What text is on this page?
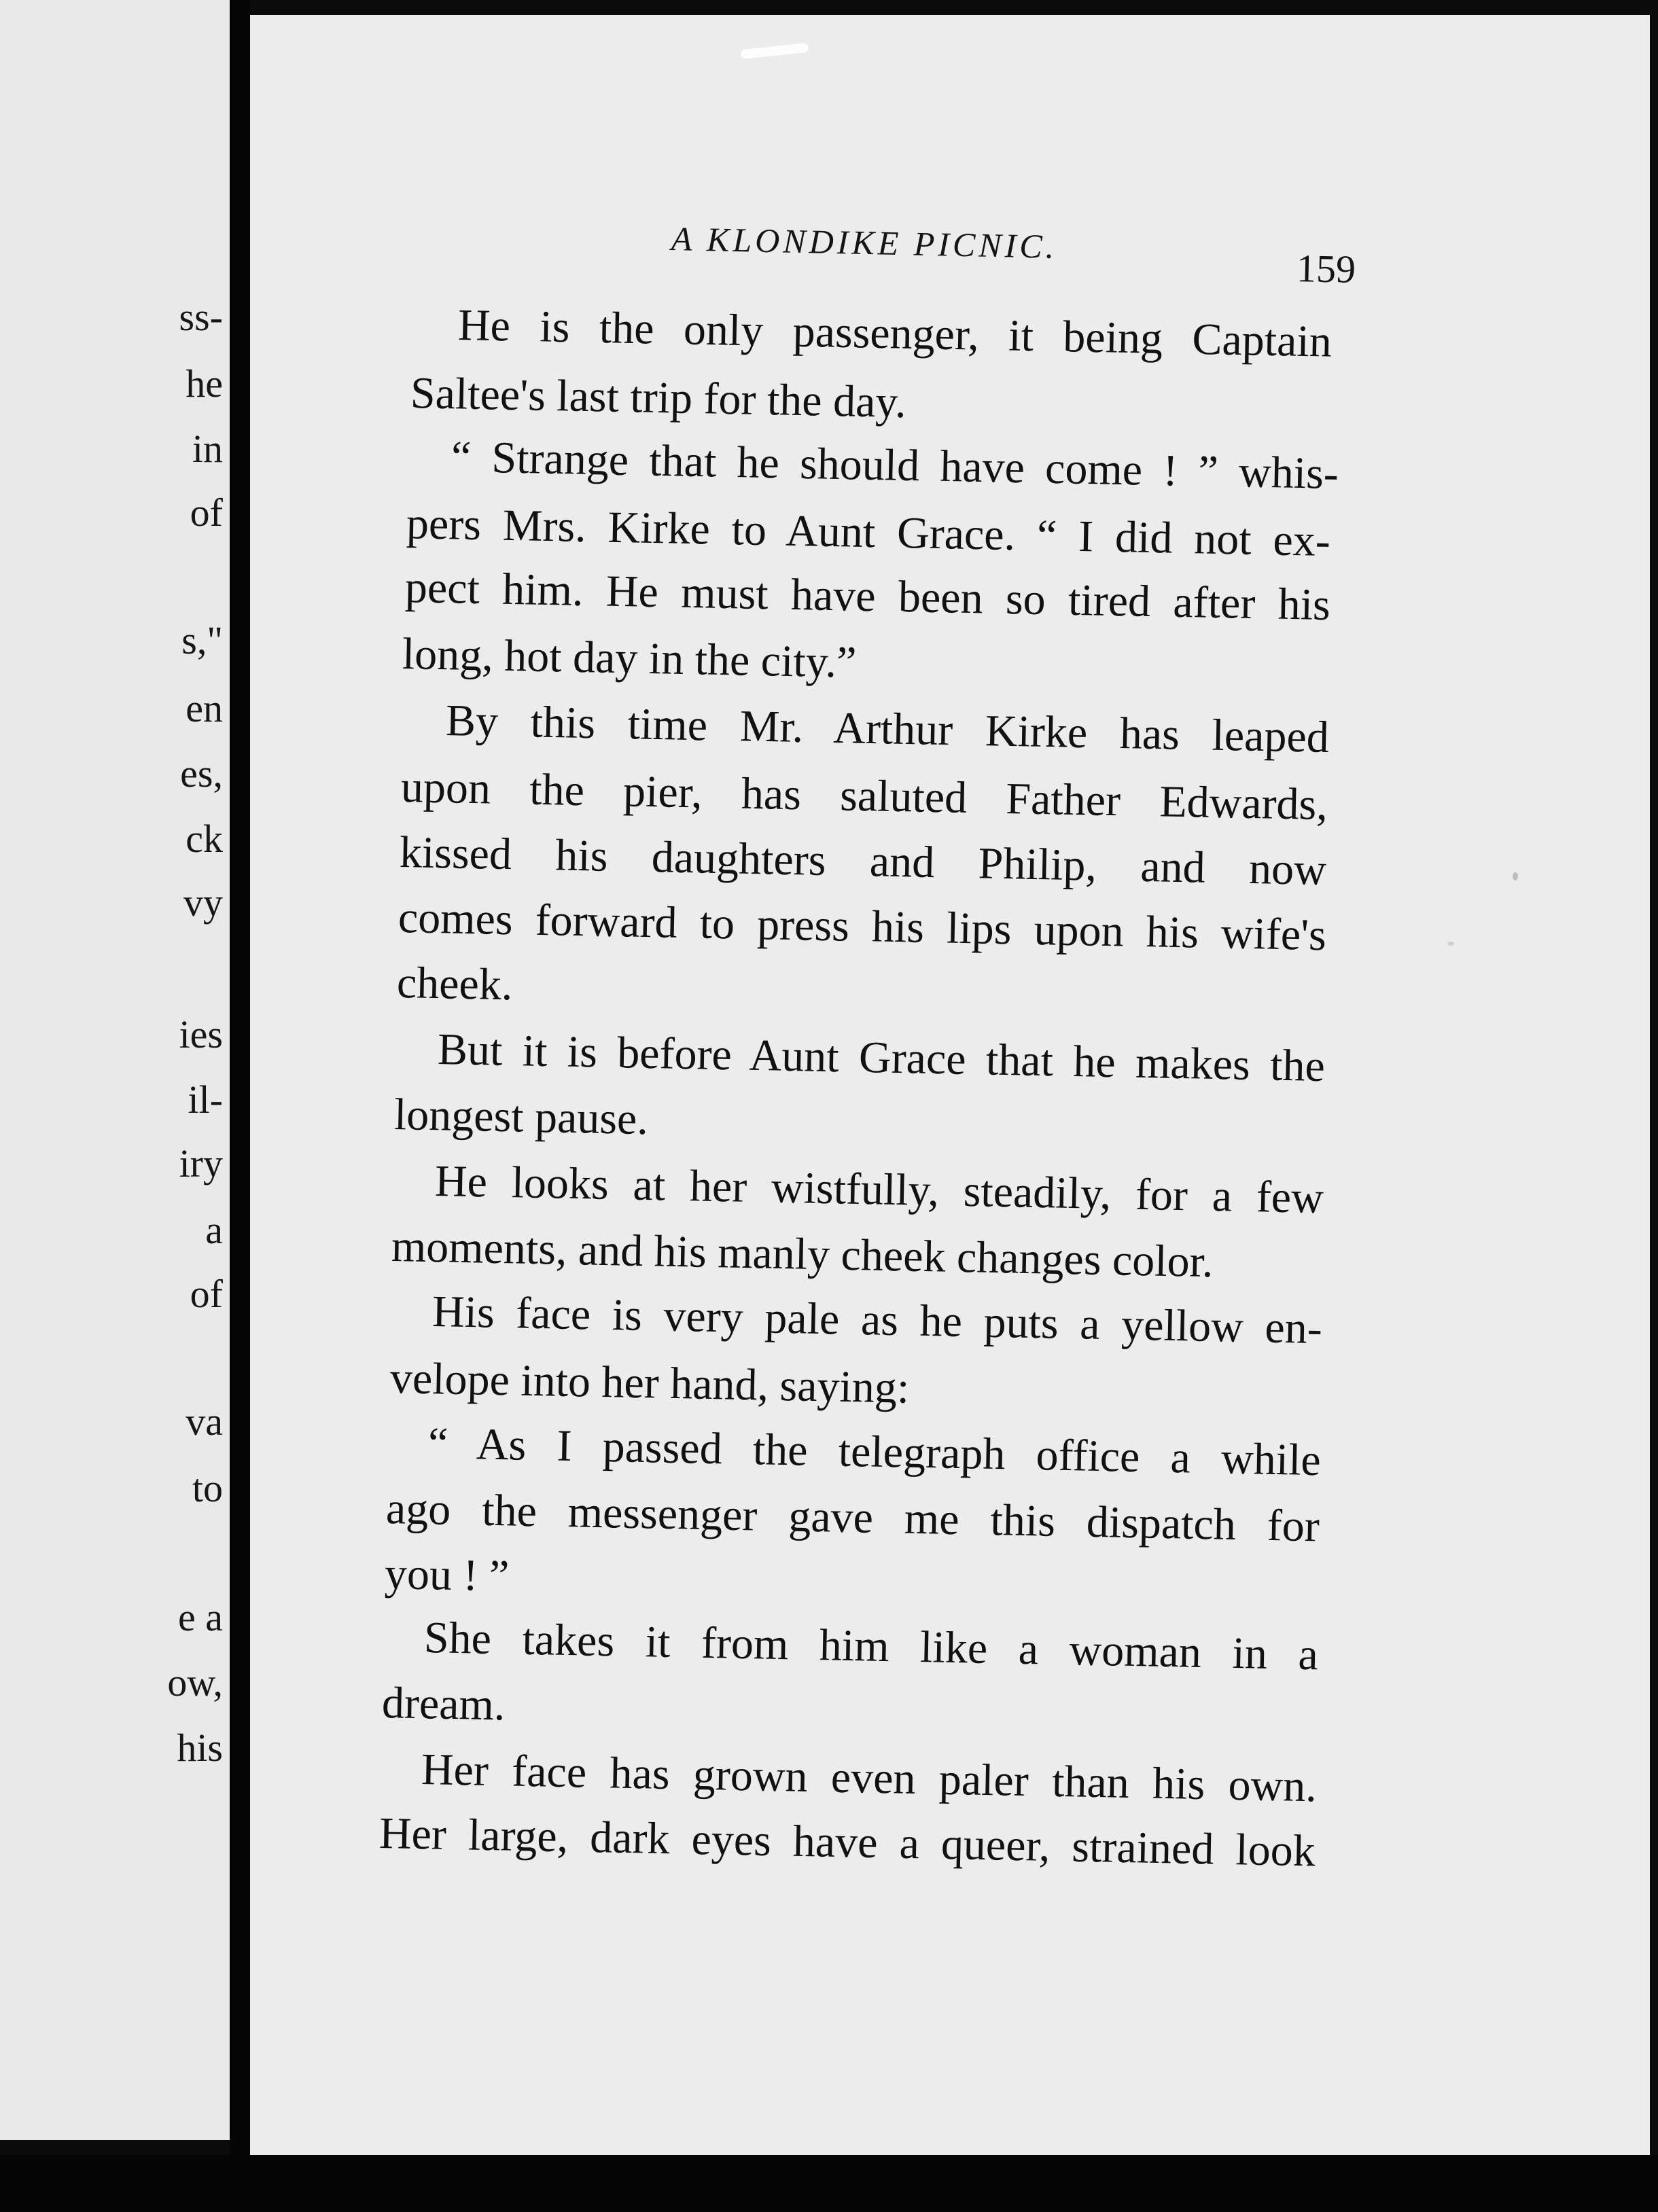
ss-
he
in
of
s,"
en
es,
ck
vy
ies
il-
iry
a
of
va
to
e a
ow,
his
A KLONDIKE PICNIC.
159
He is the only passenger, it being Captain
Saltee's last trip for the day.
“ Strange that he should have come ! ” whis-
pers Mrs. Kirke to Aunt Grace. “ I did not ex-
pect him. He must have been so tired after his
long, hot day in the city.”
By this time Mr. Arthur Kirke has leaped
upon the pier, has saluted Father Edwards,
kissed his daughters and Philip, and now
comes forward to press his lips upon his wife's
cheek.
But it is before Aunt Grace that he makes the
longest pause.
He looks at her wistfully, steadily, for a few
moments, and his manly cheek changes color.
His face is very pale as he puts a yellow en-
velope into her hand, saying:
“ As I passed the telegraph office a while
ago the messenger gave me this dispatch for
you ! ”
She takes it from him like a woman in a
dream.
Her face has grown even paler than his own.
Her large, dark eyes have a queer, strained look
